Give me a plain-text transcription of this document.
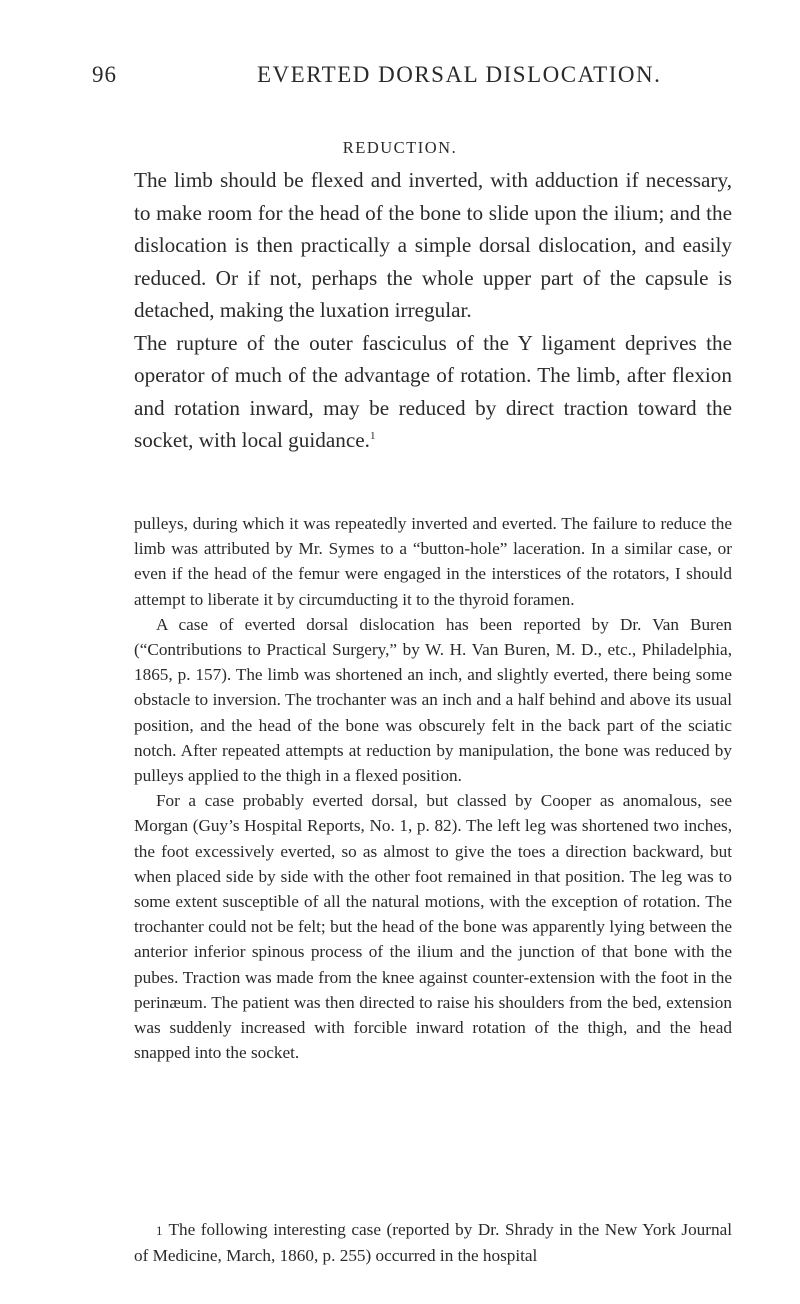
96	EVERTED DORSAL DISLOCATION.
REDUCTION.

The limb should be flexed and inverted, with adduction if necessary, to make room for the head of the bone to slide upon the ilium; and the dislocation is then practically a simple dorsal dislocation, and easily reduced. Or if not, perhaps the whole upper part of the capsule is detached, making the luxation irregular.

The rupture of the outer fasciculus of the Y ligament deprives the operator of much of the advantage of rotation. The limb, after flexion and rotation inward, may be reduced by direct traction toward the socket, with local guidance.$^1$

pulleys, during which it was repeatedly inverted and everted. The failure to reduce the limb was attributed by Mr. Symes to a “button-hole” laceration. In a similar case, or even if the head of the femur were engaged in the interstices of the rotators, I should attempt to liberate it by circumducting it to the thyroid foramen.

A case of everted dorsal dislocation has been reported by Dr. Van Buren (“Contributions to Practical Surgery,” by W. H. Van Buren, M. D., etc., Philadelphia, 1865, p. 157). The limb was shortened an inch, and slightly everted, there being some obstacle to inversion. The trochanter was an inch and a half behind and above its usual position, and the head of the bone was obscurely felt in the back part of the sciatic notch. After repeated attempts at reduction by manipulation, the bone was reduced by pulleys applied to the thigh in a flexed position.

For a case probably everted dorsal, but classed by Cooper as anomalous, see Morgan (Guy’s Hospital Reports, No. 1, p. 82). The left leg was shortened two inches, the foot excessively everted, so as almost to give the toes a direction backward, but when placed side by side with the other foot remained in that position. The leg was to some extent susceptible of all the natural motions, with the exception of rotation. The trochanter could not be felt; but the head of the bone was apparently lying between the anterior inferior spinous process of the ilium and the junction of that bone with the pubes. Traction was made from the knee against counter-extension with the foot in the perinæum. The patient was then directed to raise his shoulders from the bed, extension was suddenly increased with forcible inward rotation of the thigh, and the head snapped into the socket.

1 The following interesting case (reported by Dr. Shrady in the New York Journal of Medicine, March, 1860, p. 255) occurred in the hospital
